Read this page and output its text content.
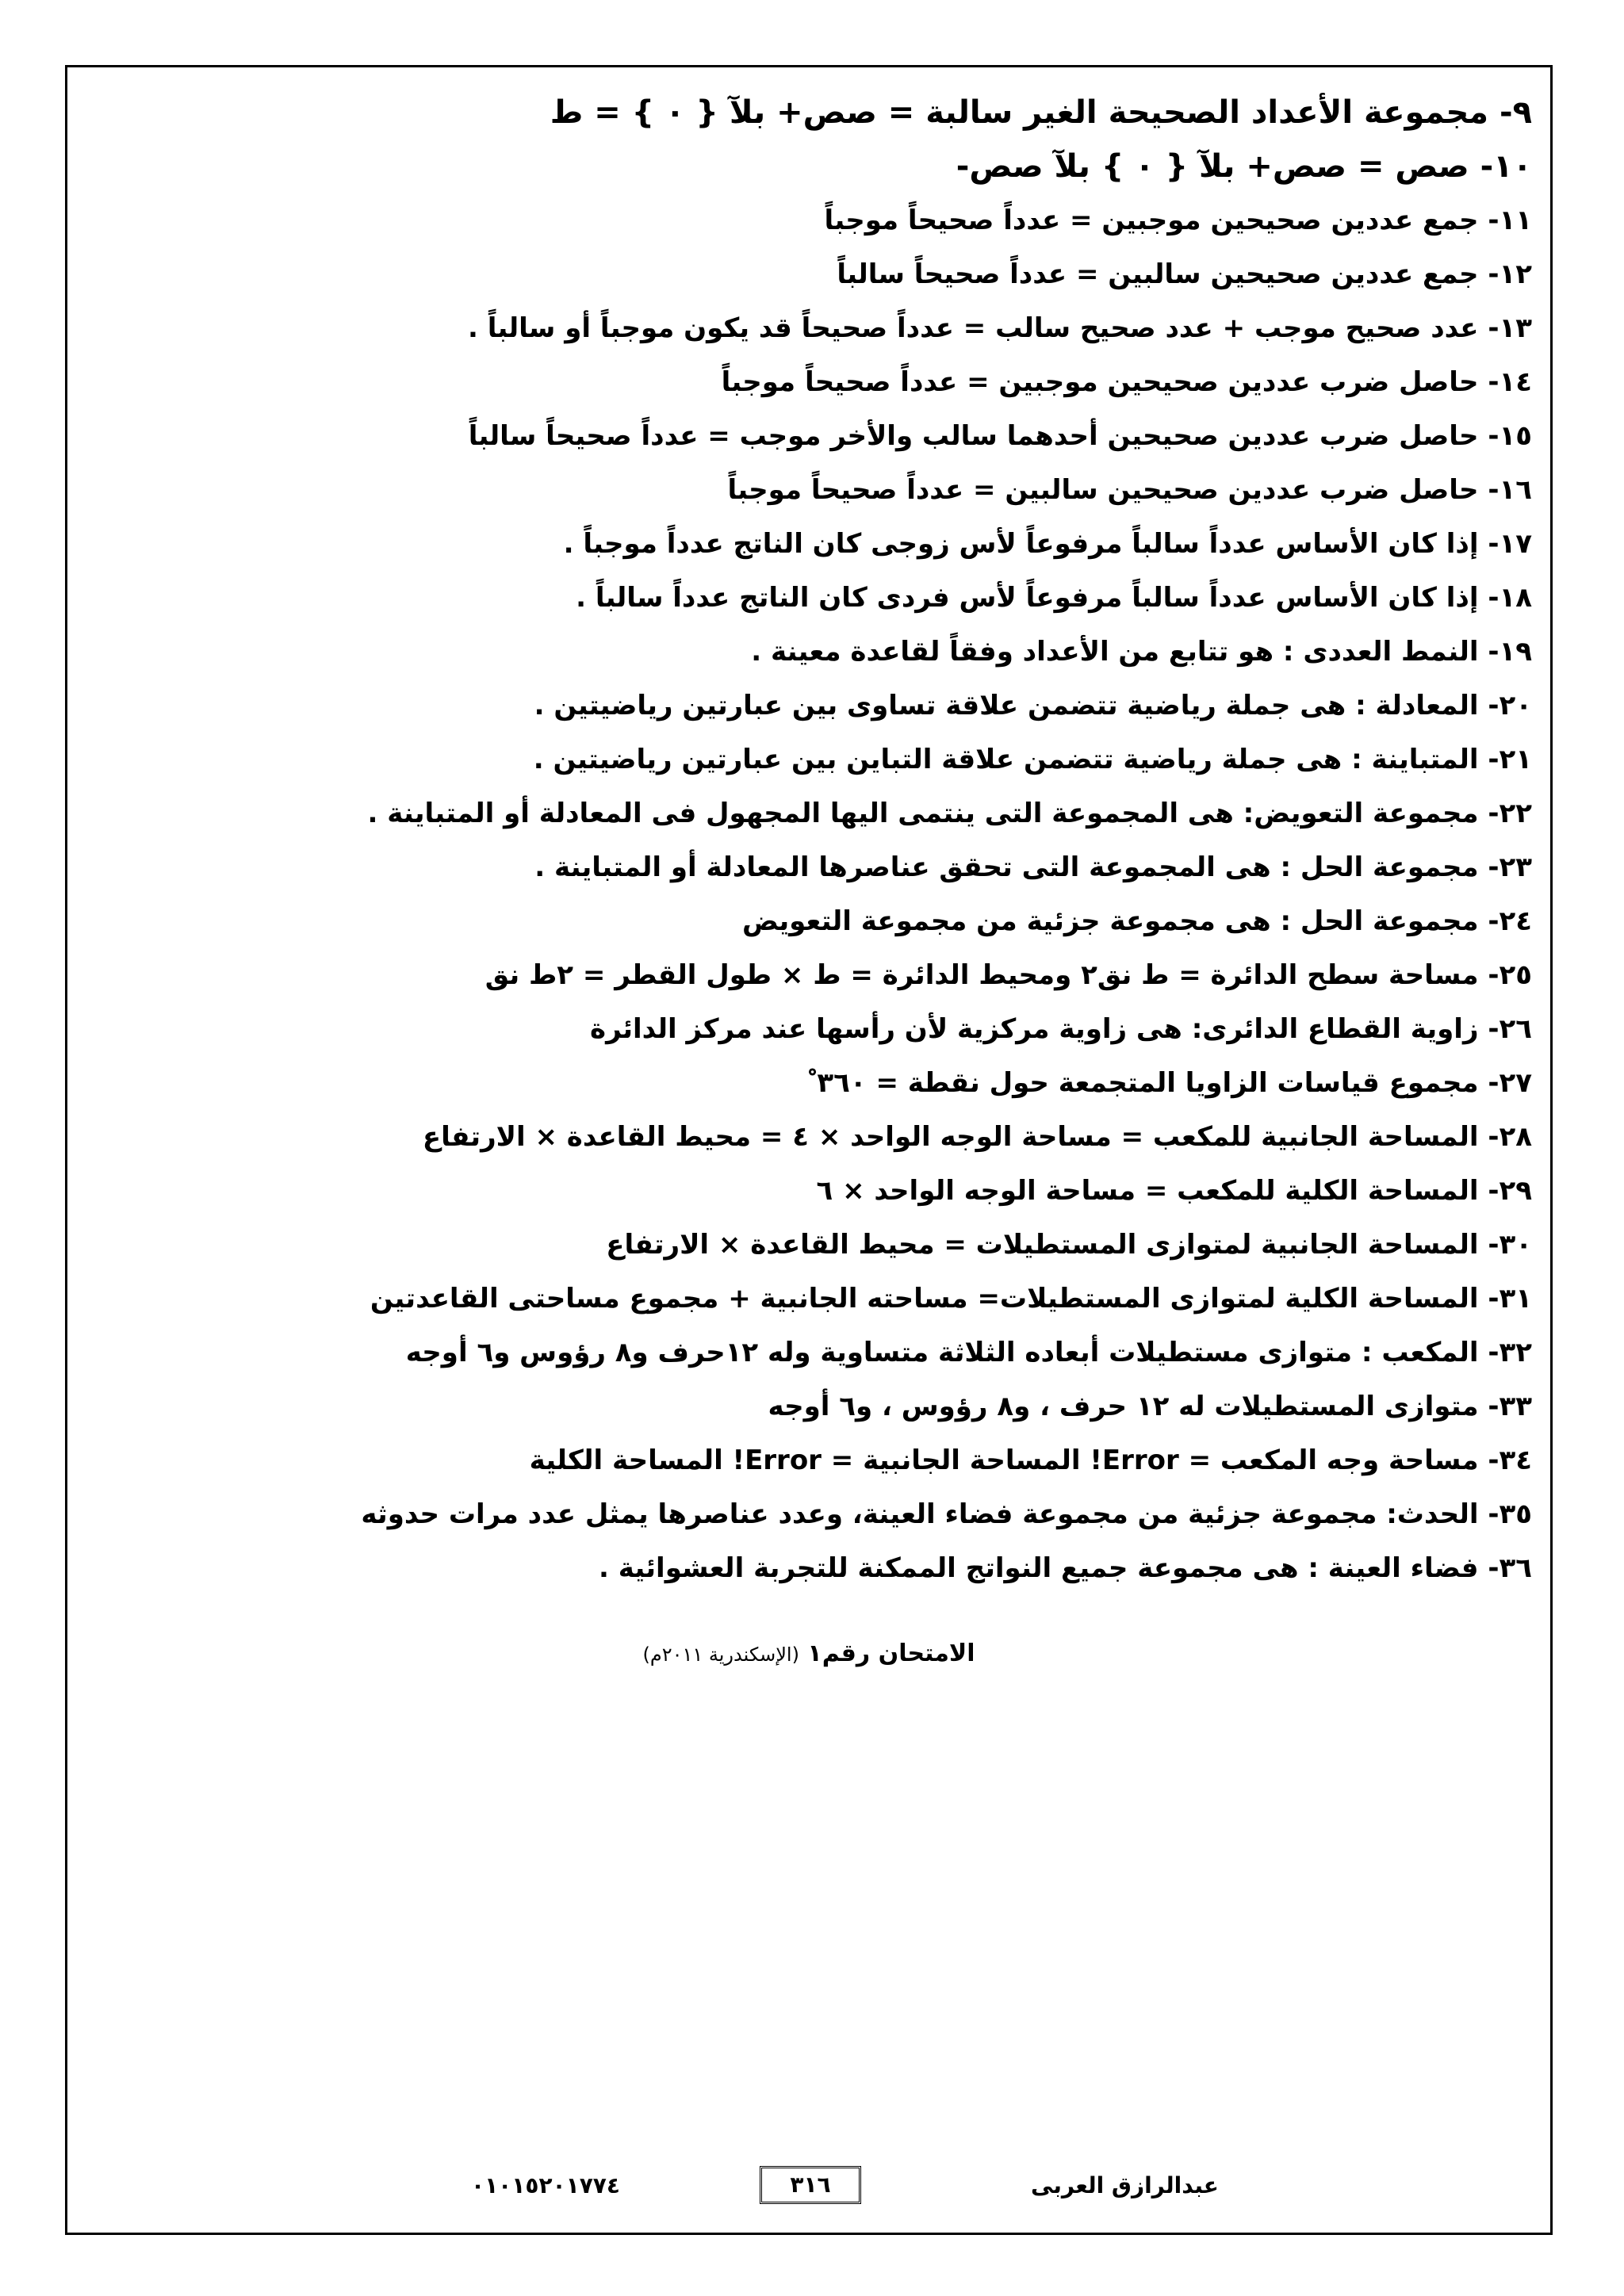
٩- مجموعة الأعداد الصحيحة الغير سالبة = صص+ بلآ { ٠ } = ط
١٠- صص = صص+ بلآ { ٠ } بلآ صص-
١١- جمع عددين صحيحين موجبين = عدداً صحيحاً موجباً
١٢- جمع عددين صحيحين سالبين = عدداً صحيحاً سالباً
١٣- عدد صحيح موجب + عدد صحيح سالب = عدداً صحيحاً قد يكون موجباً أو سالباً .
١٤- حاصل ضرب عددين صحيحين موجبين = عدداً صحيحاً موجباً
١٥- حاصل ضرب عددين صحيحين أحدهما سالب والأخر موجب = عدداً صحيحاً سالباً
١٦- حاصل ضرب عددين صحيحين سالبين = عدداً صحيحاً موجباً
١٧- إذا كان الأساس عدداً سالباً مرفوعاً لأس زوجى كان الناتج عدداً موجباً .
١٨- إذا كان الأساس عدداً سالباً مرفوعاً لأس فردى كان الناتج عدداً سالباً .
١٩- النمط العددى : هو تتابع من الأعداد وفقاً لقاعدة معينة .
٢٠- المعادلة : هى جملة رياضية تتضمن علاقة تساوى بين عبارتين رياضيتين .
٢١- المتباينة : هى جملة رياضية تتضمن علاقة التباين بين عبارتين رياضيتين .
٢٢- مجموعة التعويض: هى المجموعة التى ينتمى اليها المجهول فى المعادلة أو المتباينة .
٢٣- مجموعة الحل : هى المجموعة التى تحقق عناصرها المعادلة أو المتباينة .
٢٤- مجموعة الحل : هى مجموعة جزئية من مجموعة التعويض
٢٥- مساحة سطح الدائرة = ط نق٢ ومحيط الدائرة = ط × طول القطر = ٢ط نق
٢٦- زاوية القطاع الدائرى: هى زاوية مركزية لأن رأسها عند مركز الدائرة
٢٧- مجموع قياسات الزاويا المتجمعة حول نقطة = ٣٦٠ ْ
٢٨- المساحة الجانبية للمكعب = مساحة الوجه الواحد × ٤ = محيط القاعدة × الارتفاع
٢٩- المساحة الكلية للمكعب = مساحة الوجه الواحد × ٦
٣٠- المساحة الجانبية لمتوازى المستطيلات = محيط القاعدة × الارتفاع
٣١- المساحة الكلية لمتوازى المستطيلات= مساحته الجانبية + مجموع مساحتى القاعدتين
٣٢- المكعب : متوازى مستطيلات أبعاده الثلاثة متساوية وله ١٢حرف و٨ رؤوس و٦ أوجه
٣٣- متوازى المستطيلات له ١٢ حرف ، و٨ رؤوس ، و٦ أوجه
٣٤- مساحة وجه المكعب = Error! المساحة الجانبية = Error! المساحة الكلية
٣٥- الحدث: مجموعة جزئية من مجموعة فضاء العينة، وعدد عناصرها يمثل عدد مرات حدوثه
٣٦- فضاء العينة : هى مجموعة جميع النواتج الممكنة للتجربة العشوائية .
الامتحان رقم١ (الإسكندرية ٢٠١١م)
عبدالرازق العربى
٣١٦
٠١٠١٥٢٠١٧٧٤
